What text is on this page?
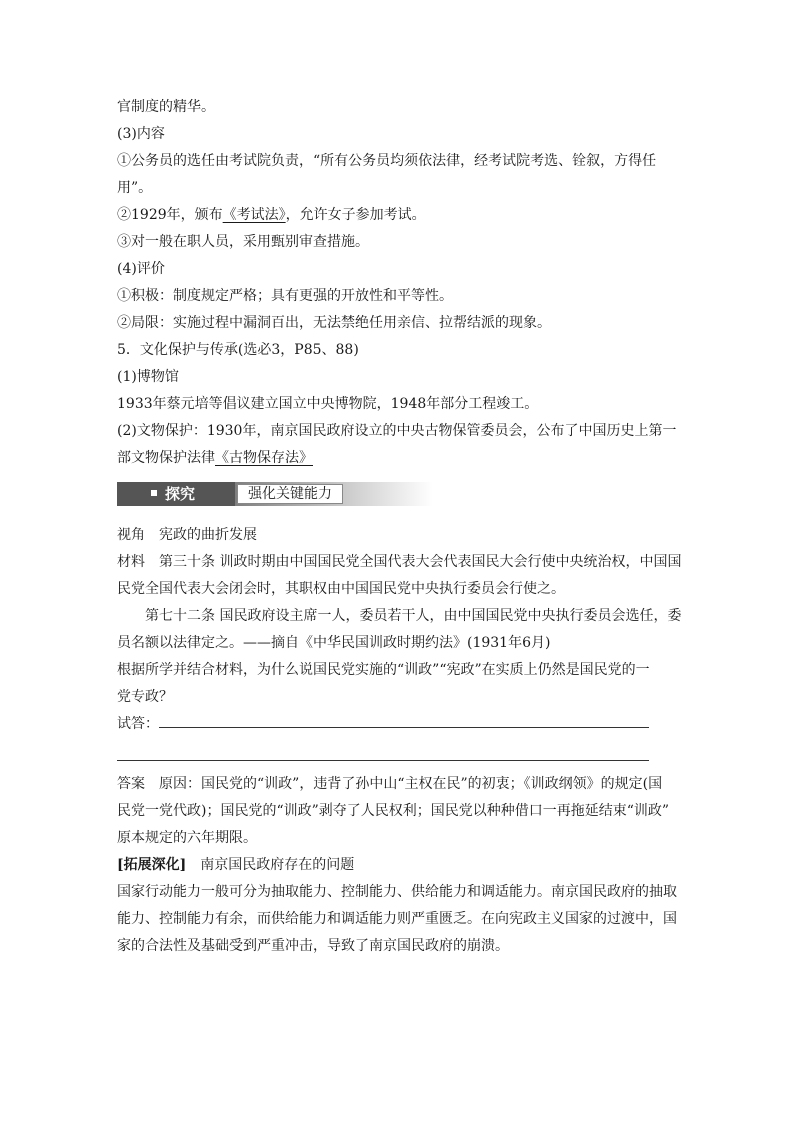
官制度的精华。
(3)内容
①公务员的选任由考试院负责，“所有公务员均须依法律，经考试院考选、铨叙，方得任
用”。
②1929年，颁布《考试法》，允许女子参加考试。
③对一般在职人员，采用甄别审查措施。
(4)评价
①积极：制度规定严格；具有更强的开放性和平等性。
②局限：实施过程中漏洞百出，无法禁绝任用亲信、拉帮结派的现象。
5．文化保护与传承(选必3，P85、88)
(1)博物馆
1933年蔡元培等倡议建立国立中央博物院，1948年部分工程竣工。
(2)文物保护：1930年，南京国民政府设立的中央古物保管委员会，公布了中国历史上第一
部文物保护法律《古物保存法》
探究	强化关键能力
视角　宪政的曲折发展
材料　第三十条 训政时期由中国国民党全国代表大会代表国民大会行使中央统治权，中国国
民党全国代表大会闭会时，其职权由中国国民党中央执行委员会行使之。
第七十二条 国民政府设主席一人，委员若干人，由中国国民党中央执行委员会选任，委
员名额以法律定之。——摘自《中华民国训政时期约法》(1931年6月)
根据所学并结合材料，为什么说国民党实施的“训政”“宪政”在实质上仍然是国民党的一
党专政？
试答：
答案　原因：国民党的“训政”，违背了孙中山“主权在民”的初衷；《训政纲领》的规定(国
民党一党代政)；国民党的“训政”剥夺了人民权利；国民党以种种借口一再拖延结束“训政”
原本规定的六年期限。
[拓展深化]　南京国民政府存在的问题
国家行动能力一般可分为抽取能力、控制能力、供给能力和调适能力。南京国民政府的抽取
能力、控制能力有余，而供给能力和调适能力则严重匮乏。在向宪政主义国家的过渡中，国
家的合法性及基础受到严重冲击，导致了南京国民政府的崩溃。
